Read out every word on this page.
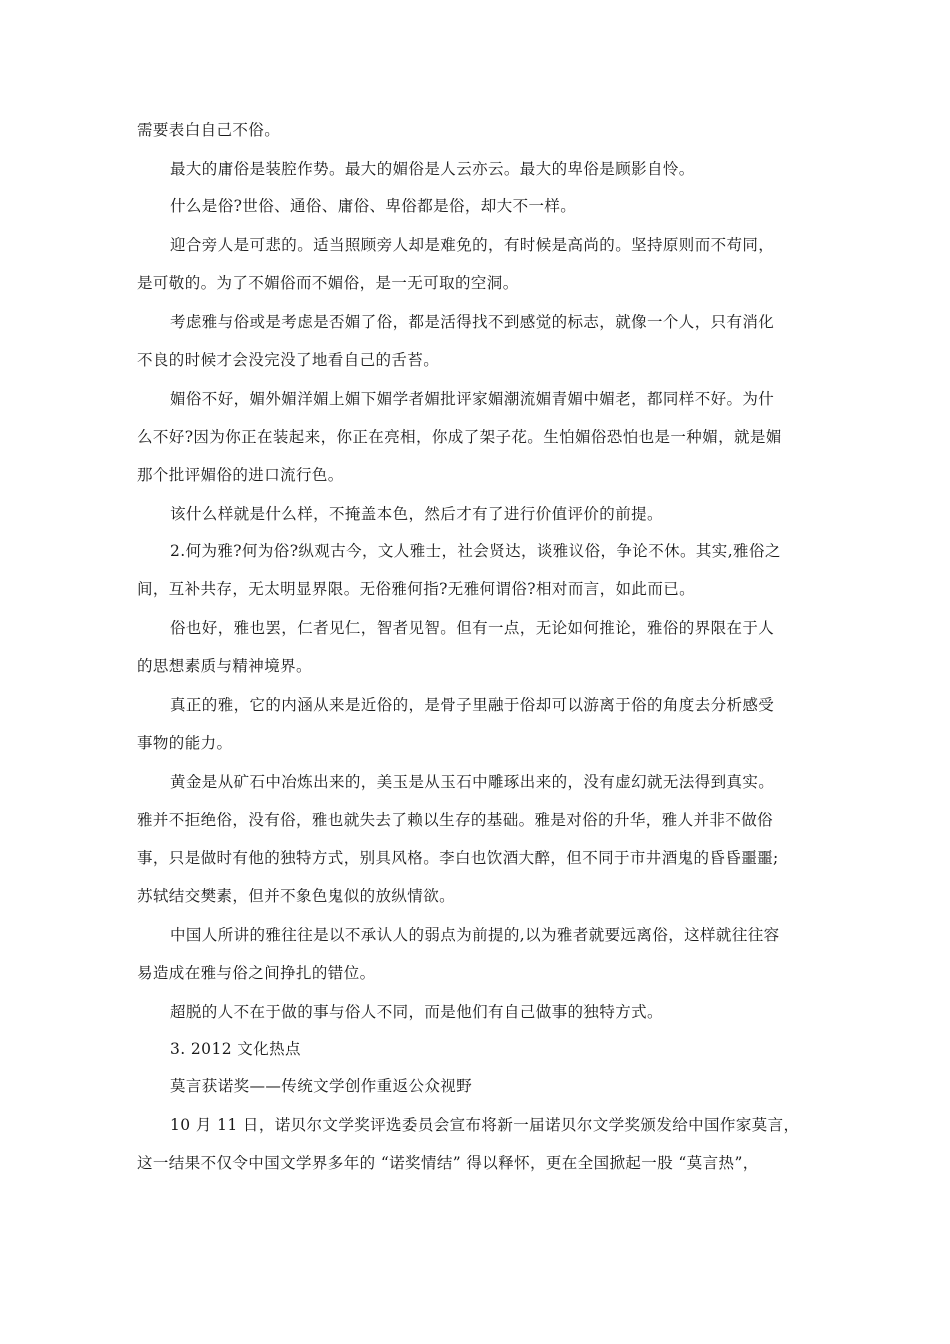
需要表白自己不俗。
最大的庸俗是装腔作势。最大的媚俗是人云亦云。最大的卑俗是顾影自怜。
什么是俗?世俗、通俗、庸俗、卑俗都是俗，却大不一样。
迎合旁人是可悲的。适当照顾旁人却是难免的，有时候是高尚的。坚持原则而不苟同，
是可敬的。为了不媚俗而不媚俗，是一无可取的空洞。
考虑雅与俗或是考虑是否媚了俗，都是活得找不到感觉的标志，就像一个人，只有消化
不良的时候才会没完没了地看自己的舌苔。
媚俗不好，媚外媚洋媚上媚下媚学者媚批评家媚潮流媚青媚中媚老，都同样不好。为什
么不好?因为你正在装起来，你正在亮相，你成了架子花。生怕媚俗恐怕也是一种媚，就是媚
那个批评媚俗的进口流行色。
该什么样就是什么样，不掩盖本色，然后才有了进行价值评价的前提。
2.何为雅?何为俗?纵观古今，文人雅士，社会贤达，谈雅议俗，争论不休。其实,雅俗之
间，互补共存，无太明显界限。无俗雅何指?无雅何谓俗?相对而言，如此而已。
俗也好，雅也罢，仁者见仁，智者见智。但有一点，无论如何推论，雅俗的界限在于人
的思想素质与精神境界。
真正的雅，它的内涵从来是近俗的，是骨子里融于俗却可以游离于俗的角度去分析感受
事物的能力。
黄金是从矿石中冶炼出来的，美玉是从玉石中雕琢出来的，没有虚幻就无法得到真实。
雅并不拒绝俗，没有俗，雅也就失去了赖以生存的基础。雅是对俗的升华，雅人并非不做俗
事，只是做时有他的独特方式，别具风格。李白也饮酒大醉，但不同于市井酒鬼的昏昏噩噩;
苏轼结交樊素，但并不象色鬼似的放纵情欲。
中国人所讲的雅往往是以不承认人的弱点为前提的,以为雅者就要远离俗，这样就往往容
易造成在雅与俗之间挣扎的错位。
超脱的人不在于做的事与俗人不同，而是他们有自己做事的独特方式。
3. 2012 文化热点
莫言获诺奖——传统文学创作重返公众视野
10 月 11 日，诺贝尔文学奖评选委员会宣布将新一届诺贝尔文学奖颁发给中国作家莫言，
这一结果不仅令中国文学界多年的 “诺奖情结” 得以释怀，更在全国掀起一股 “莫言热”，
